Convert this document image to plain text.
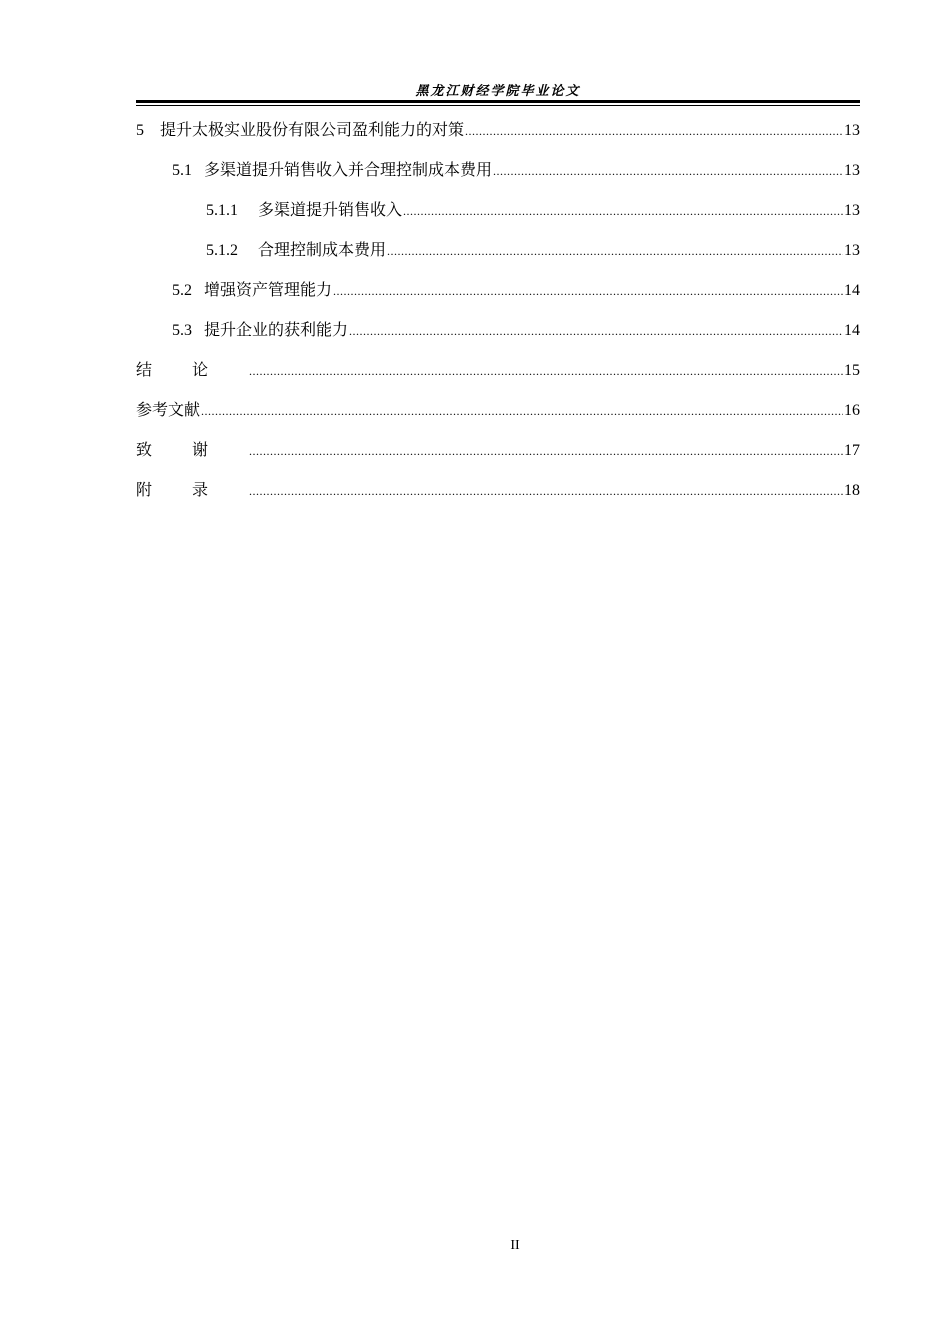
黑龙江财经学院毕业论文
5 提升太极实业股份有限公司盈利能力的对策 .....	13
5.1 多渠道提升销售收入并合理控制成本费用 .....	13
5.1.1 多渠道提升销售收入 .....	13
5.1.2 合理控制成本费用 .....	13
5.2 增强资产管理能力 .....	14
5.3 提升企业的获利能力 .....	14
结论 .....	15
参考文献 .....	16
致谢 .....	17
附录 .....	18
II
